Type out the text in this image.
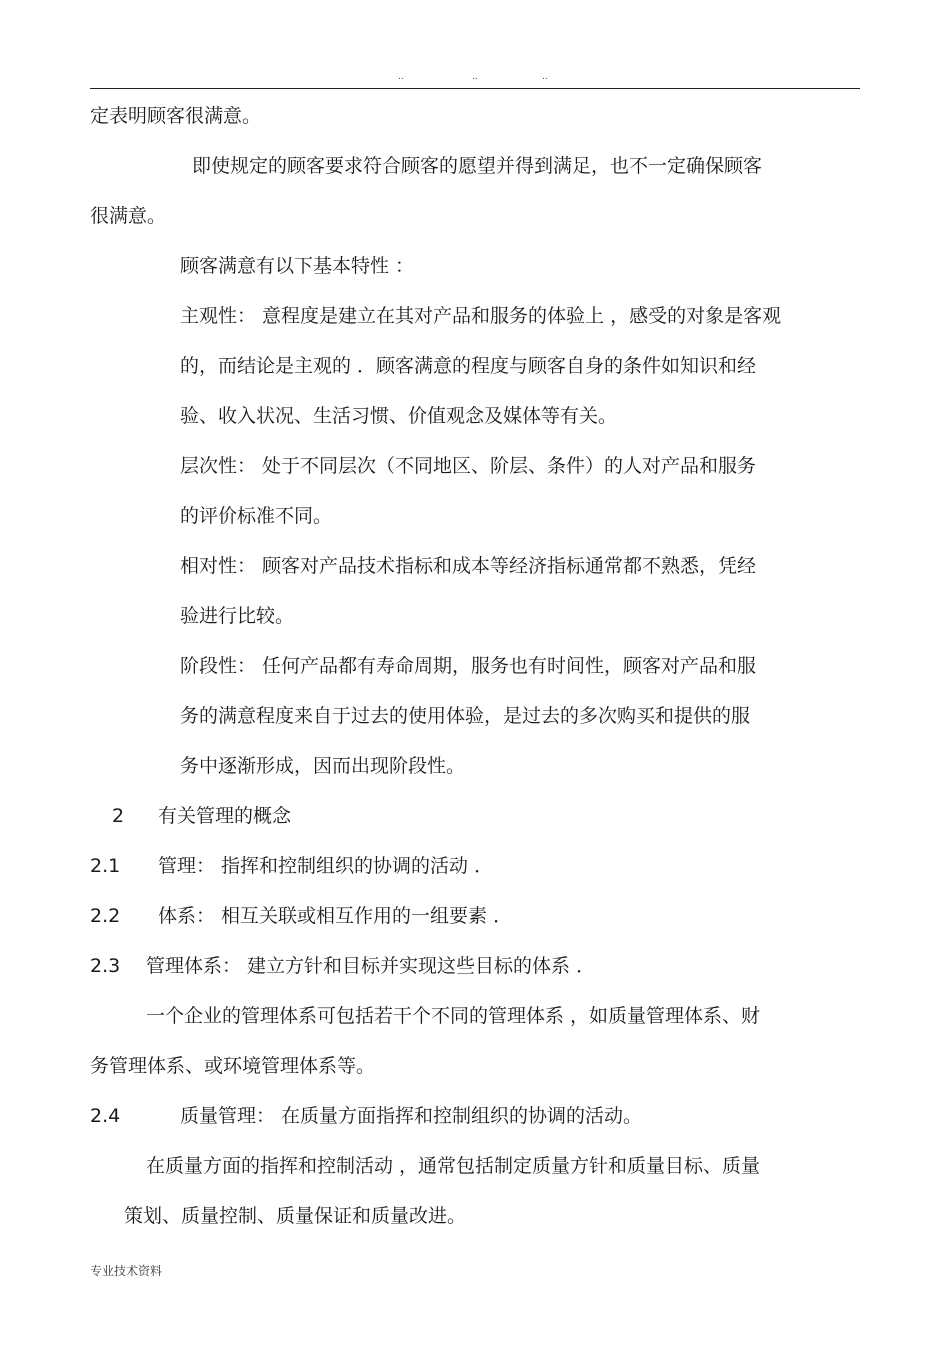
..	..	..
定表明顾客很满意。
即使规定的顾客要求符合顾客的愿望并得到满足，也不一定确保顾客
很满意。
顾客满意有以下基本特性 ：
主观性： 意程度是建立在其对产品和服务的体验上 ，感受的对象是客观
的，而结论是主观的 ．顾客满意的程度与顾客自身的条件如知识和经
验、收入状况、生活习惯、价值观念及媒体等有关。
层次性： 处于不同层次（不同地区、阶层、条件）的人对产品和服务
的评价标准不同。
相对性： 顾客对产品技术指标和成本等经济指标通常都不熟悉，凭经
验进行比较。
阶段性： 任何产品都有寿命周期，服务也有时间性，顾客对产品和服
务的满意程度来自于过去的使用体验，是过去的多次购买和提供的服
务中逐渐形成，因而出现阶段性。
2 有关管理的概念
2.1 管理： 指挥和控制组织的协调的活动 ．
2.2 体系： 相互关联或相互作用的一组要素 ．
2.3 管理体系： 建立方针和目标并实现这些目标的体系 ．
一个企业的管理体系可包括若干个不同的管理体系 ，如质量管理体系、财
务管理体系、或环境管理体系等。
2.4	质量管理： 在质量方面指挥和控制组织的协调的活动。
在质量方面的指挥和控制活动 ，通常包括制定质量方针和质量目标、质量
策划、质量控制、质量保证和质量改进。
专业技术资料
